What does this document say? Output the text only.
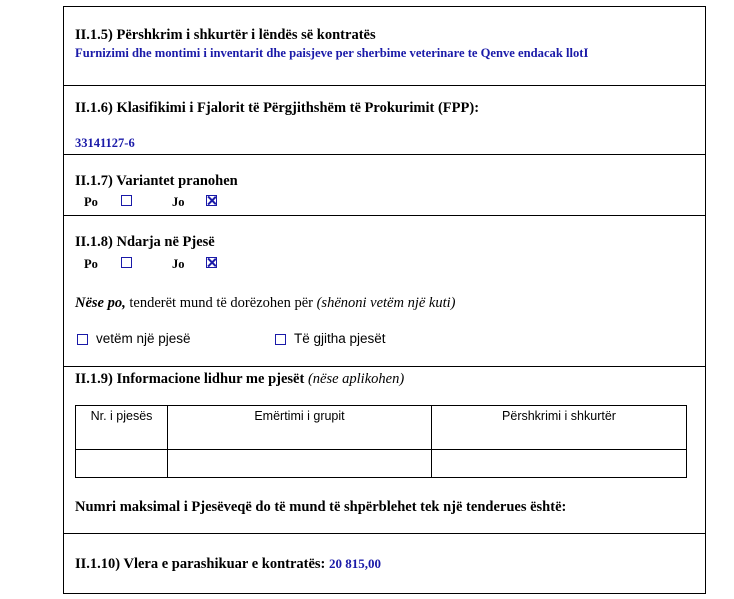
II.1.5) Përshkrim i shkurtër i lëndës së kontratës
Furnizimi dhe montimi i inventarit dhe paisjeve per sherbime veterinare te Qenve endacak llotI
II.1.6) Klasifikimi i Fjalorit të Përgjithshëm të Prokurimit (FPP):
33141127-6
II.1.7) Variantet pranohen
Po	Jo
II.1.8) Ndarja në Pjesë
Po	Jo
Nëse po, tenderët mund të dorëzohen për (shënoni vetëm një kuti)
vetëm një pjesë	Të gjitha pjesët
II.1.9) Informacione lidhur me pjesët (nëse aplikohen)
Nr. i pjesës	Emërtimi i grupit	Përshkrimi i shkurtër

Numri maksimal i Pjesëveqë do të mund të shpërblehet tek një tenderues është:
II.1.10) Vlera e parashikuar e kontratës: 20 815,00
